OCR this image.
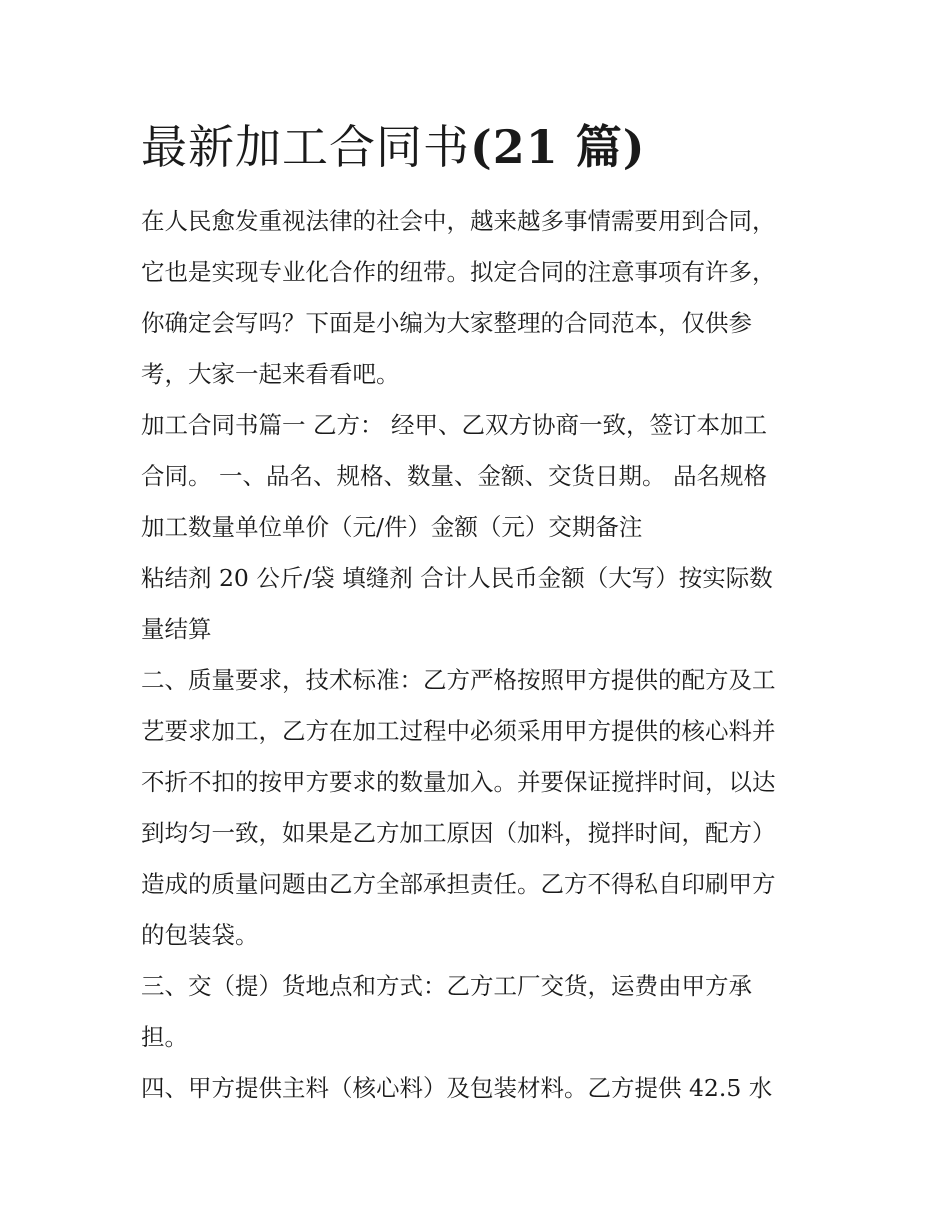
最新加工合同书(21 篇)

在人民愈发重视法律的社会中，越来越多事情需要用到合同，
它也是实现专业化合作的纽带。拟定合同的注意事项有许多，
你确定会写吗？下面是小编为大家整理的合同范本，仅供参
考，大家一起来看看吧。

加工合同书篇一 乙方： 经甲、乙双方协商一致，签订本加工
合同。 一、品名、规格、数量、金额、交货日期。 品名规格
加工数量单位单价（元/件）金额（元）交期备注
粘结剂 20 公斤/袋 填缝剂 合计人民币金额（大写）按实际数
量结算

二、质量要求，技术标准：乙方严格按照甲方提供的配方及工
艺要求加工，乙方在加工过程中必须采用甲方提供的核心料并
不折不扣的按甲方要求的数量加入。并要保证搅拌时间，以达
到均匀一致，如果是乙方加工原因（加料，搅拌时间，配方）
造成的质量问题由乙方全部承担责任。乙方不得私自印刷甲方
的包装袋。

三、交（提）货地点和方式：乙方工厂交货，运费由甲方承
担。

四、甲方提供主料（核心料）及包装材料。乙方提供 42.5 水
